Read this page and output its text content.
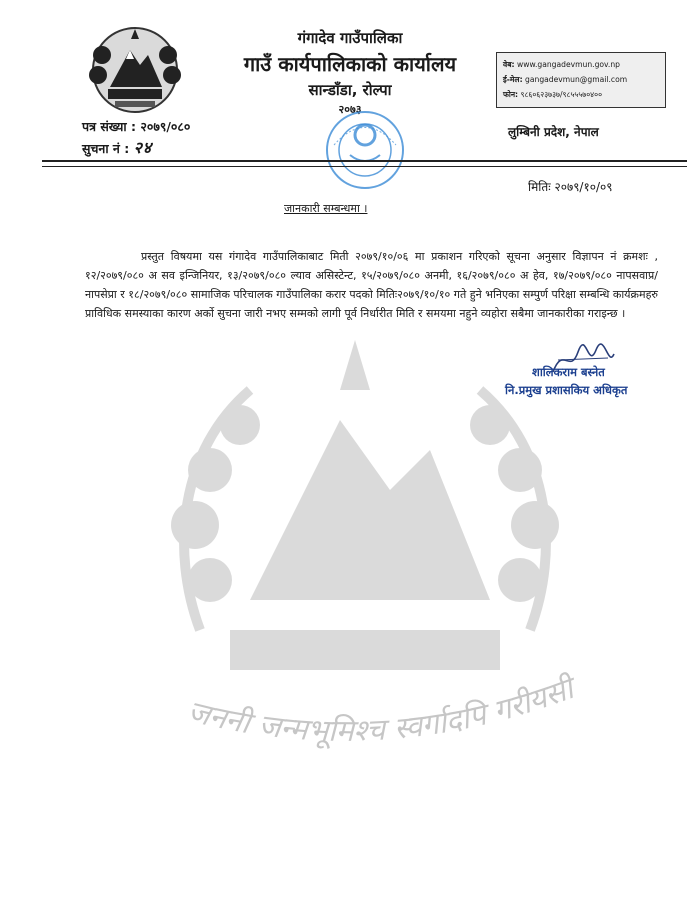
गंगादेव गाउँपालिका
गाउँ कार्यपालिकाको कार्यालय
सान्डाँडा, रोल्पा
२०७३
वेब: www.gangadevmun.gov.np
ई-मेल: gangadevmun@gmail.com
फोन: ९८६०६२३७३७/९८५५५७०४००
पत्र संख्या : २०७९/०८०
सुचना नं : २४
लुम्बिनी प्रदेश, नेपाल
मितिः २०७९/१०/०९
जानकारी सम्बन्धमा ।

प्रस्तुत विषयमा यस गंगादेव गाउँपालिकाबाट मिती २०७९/१०/०६ मा प्रकाशन गरिएको सूचना अनुसार विज्ञापन नं क्रमशः , १२/२०७९/०८० अ सव इन्जिनियर, १३/२०७९/०८० ल्याव असिस्टेन्ट, १५/२०७९/०८० अनमी, १६/२०७९/०८० अ हेव, १७/२०७९/०८० नापसवाप्र/नापसेप्रा र १८/२०७९/०८० सामाजिक परिचालक गाउँपालिका करार पदको मितिः२०७९/१०/१० गते हुने भनिएका सम्पुर्ण परिक्षा सम्बन्धि कार्यक्रमहरु प्राविधिक समस्याका कारण अर्को सुचना जारी नभए सम्मको लागी पूर्व निर्धारीत मिति र समयमा नहुने व्यहोरा सबैमा जानकारीका गराइन्छ ।

शालिकराम बस्नेत
नि.प्रमुख प्रशासकिय अधिकृत
जननी जन्मभूमिश्च स्वर्गादपि गरीयसी
